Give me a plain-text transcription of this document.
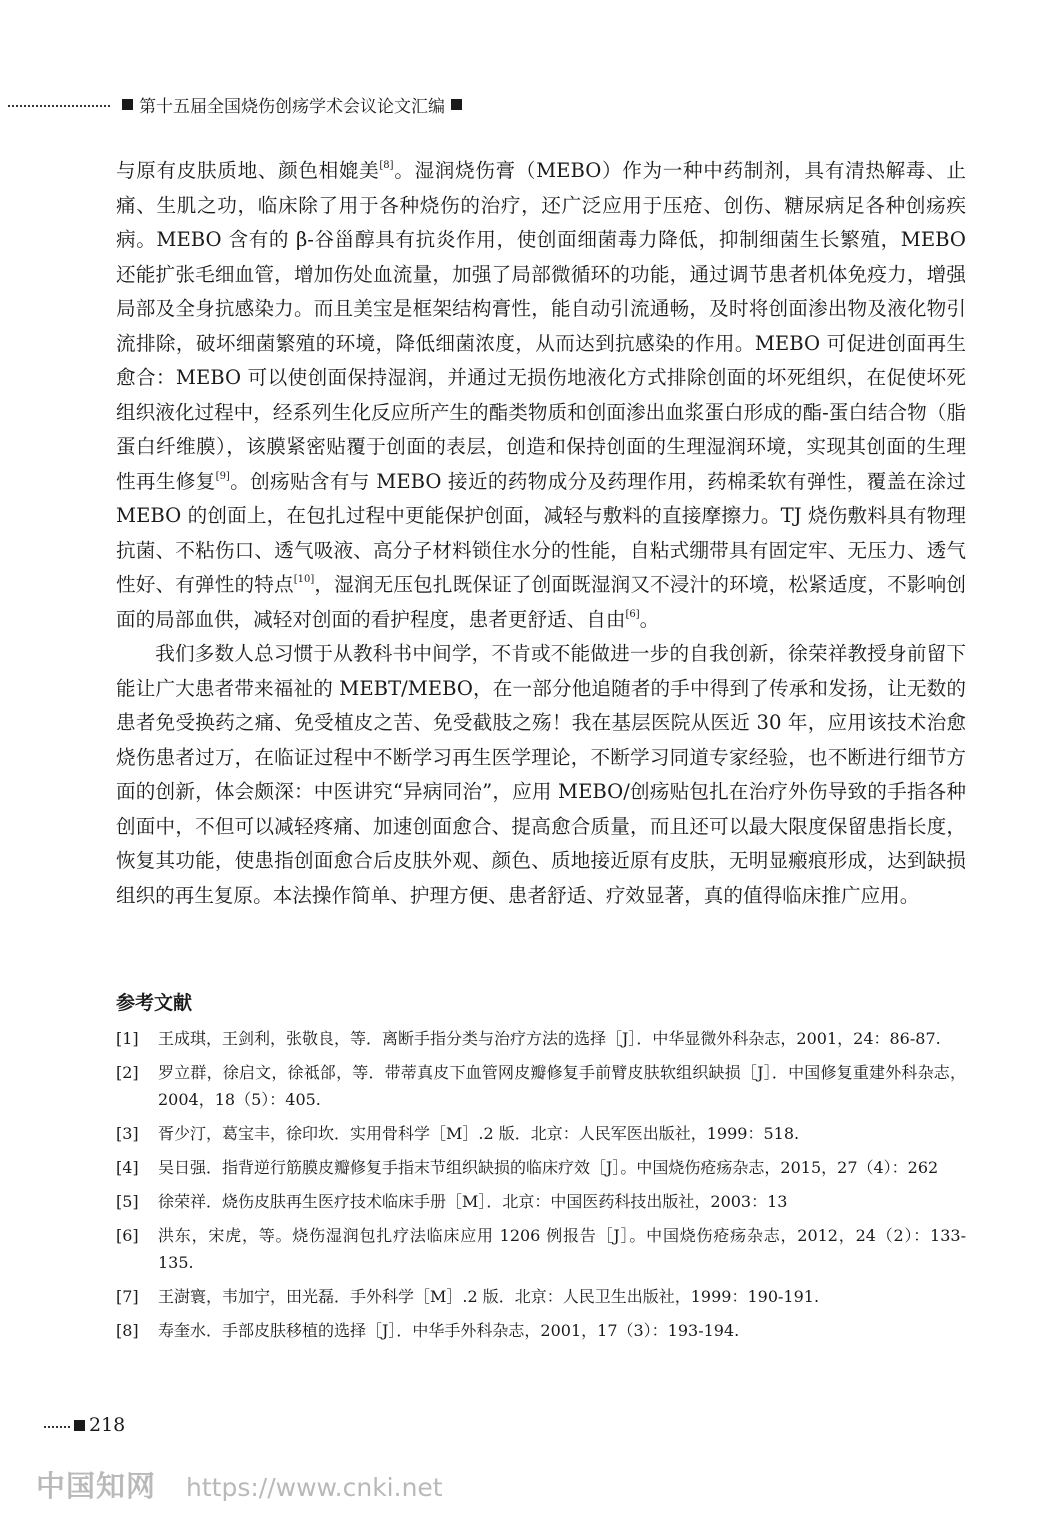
第十五届全国烧伤创疡学术会议论文汇编

与原有皮肤质地、颜色相媲美[8]。湿润烧伤膏（MEBO）作为一种中药制剂，具有清热解毒、止痛、生肌之功，临床除了用于各种烧伤的治疗，还广泛应用于压疮、创伤、糖尿病足各种创疡疾病。MEBO 含有的 β-谷甾醇具有抗炎作用，使创面细菌毒力降低，抑制细菌生长繁殖，MEBO 还能扩张毛细血管，增加伤处血流量，加强了局部微循环的功能，通过调节患者机体免疫力，增强局部及全身抗感染力。而且美宝是框架结构膏性，能自动引流通畅，及时将创面渗出物及液化物引流排除，破坏细菌繁殖的环境，降低细菌浓度，从而达到抗感染的作用。MEBO 可促进创面再生愈合：MEBO 可以使创面保持湿润，并通过无损伤地液化方式排除创面的坏死组织，在促使坏死组织液化过程中，经系列生化反应所产生的酯类物质和创面渗出血浆蛋白形成的酯-蛋白结合物（脂蛋白纤维膜），该膜紧密贴覆于创面的表层，创造和保持创面的生理湿润环境，实现其创面的生理性再生修复[9]。创疡贴含有与 MEBO 接近的药物成分及药理作用，药棉柔软有弹性，覆盖在涂过 MEBO 的创面上，在包扎过程中更能保护创面，减轻与敷料的直接摩擦力。TJ 烧伤敷料具有物理抗菌、不粘伤口、透气吸液、高分子材料锁住水分的性能，自粘式绷带具有固定牢、无压力、透气性好、有弹性的特点[10]，湿润无压包扎既保证了创面既湿润又不浸汁的环境，松紧适度，不影响创面的局部血供，减轻对创面的看护程度，患者更舒适、自由[6]。

我们多数人总习惯于从教科书中间学，不肯或不能做进一步的自我创新，徐荣祥教授身前留下能让广大患者带来福祉的 MEBT/MEBO，在一部分他追随者的手中得到了传承和发扬，让无数的患者免受换药之痛、免受植皮之苦、免受截肢之殇！我在基层医院从医近 30 年，应用该技术治愈烧伤患者过万，在临证过程中不断学习再生医学理论，不断学习同道专家经验，也不断进行细节方面的创新，体会颇深：中医讲究“异病同治”，应用 MEBO/创疡贴包扎在治疗外伤导致的手指各种创面中，不但可以减轻疼痛、加速创面愈合、提高愈合质量，而且还可以最大限度保留患指长度，恢复其功能，使患指创面愈合后皮肤外观、颜色、质地接近原有皮肤，无明显瘢痕形成，达到缺损组织的再生复原。本法操作简单、护理方便、患者舒适、疗效显著，真的值得临床推广应用。

参考文献
[1]	王成琪，王剑利，张敬良，等．离断手指分类与治疗方法的选择［J］．中华显微外科杂志，2001，24：86-87.
[2]	罗立群，徐启文，徐祗郃，等．带蒂真皮下血管网皮瓣修复手前臂皮肤软组织缺损［J］．中国修复重建外科杂志，2004，18（5）：405.
[3]	胥少汀，葛宝丰，徐印坎．实用骨科学［M］.2 版．北京：人民军医出版社，1999：518.
[4]	吴日强．指背逆行筋膜皮瓣修复手指末节组织缺损的临床疗效［J］。中国烧伤疮疡杂志，2015，27（4）：262
[5]	徐荣祥．烧伤皮肤再生医疗技术临床手册［M］．北京：中国医药科技出版社，2003：13
[6]	洪东，宋虎，等。烧伤湿润包扎疗法临床应用 1206 例报告［J］。中国烧伤疮疡杂志，2012，24（2）：133-135.
[7]	王澍寰，韦加宁，田光磊．手外科学［M］.2 版．北京：人民卫生出版社，1999：190-191.
[8]	寿奎水．手部皮肤移植的选择［J］．中华手外科杂志，2001，17（3）：193-194.
218
中国知网 https://www.cnki.net
